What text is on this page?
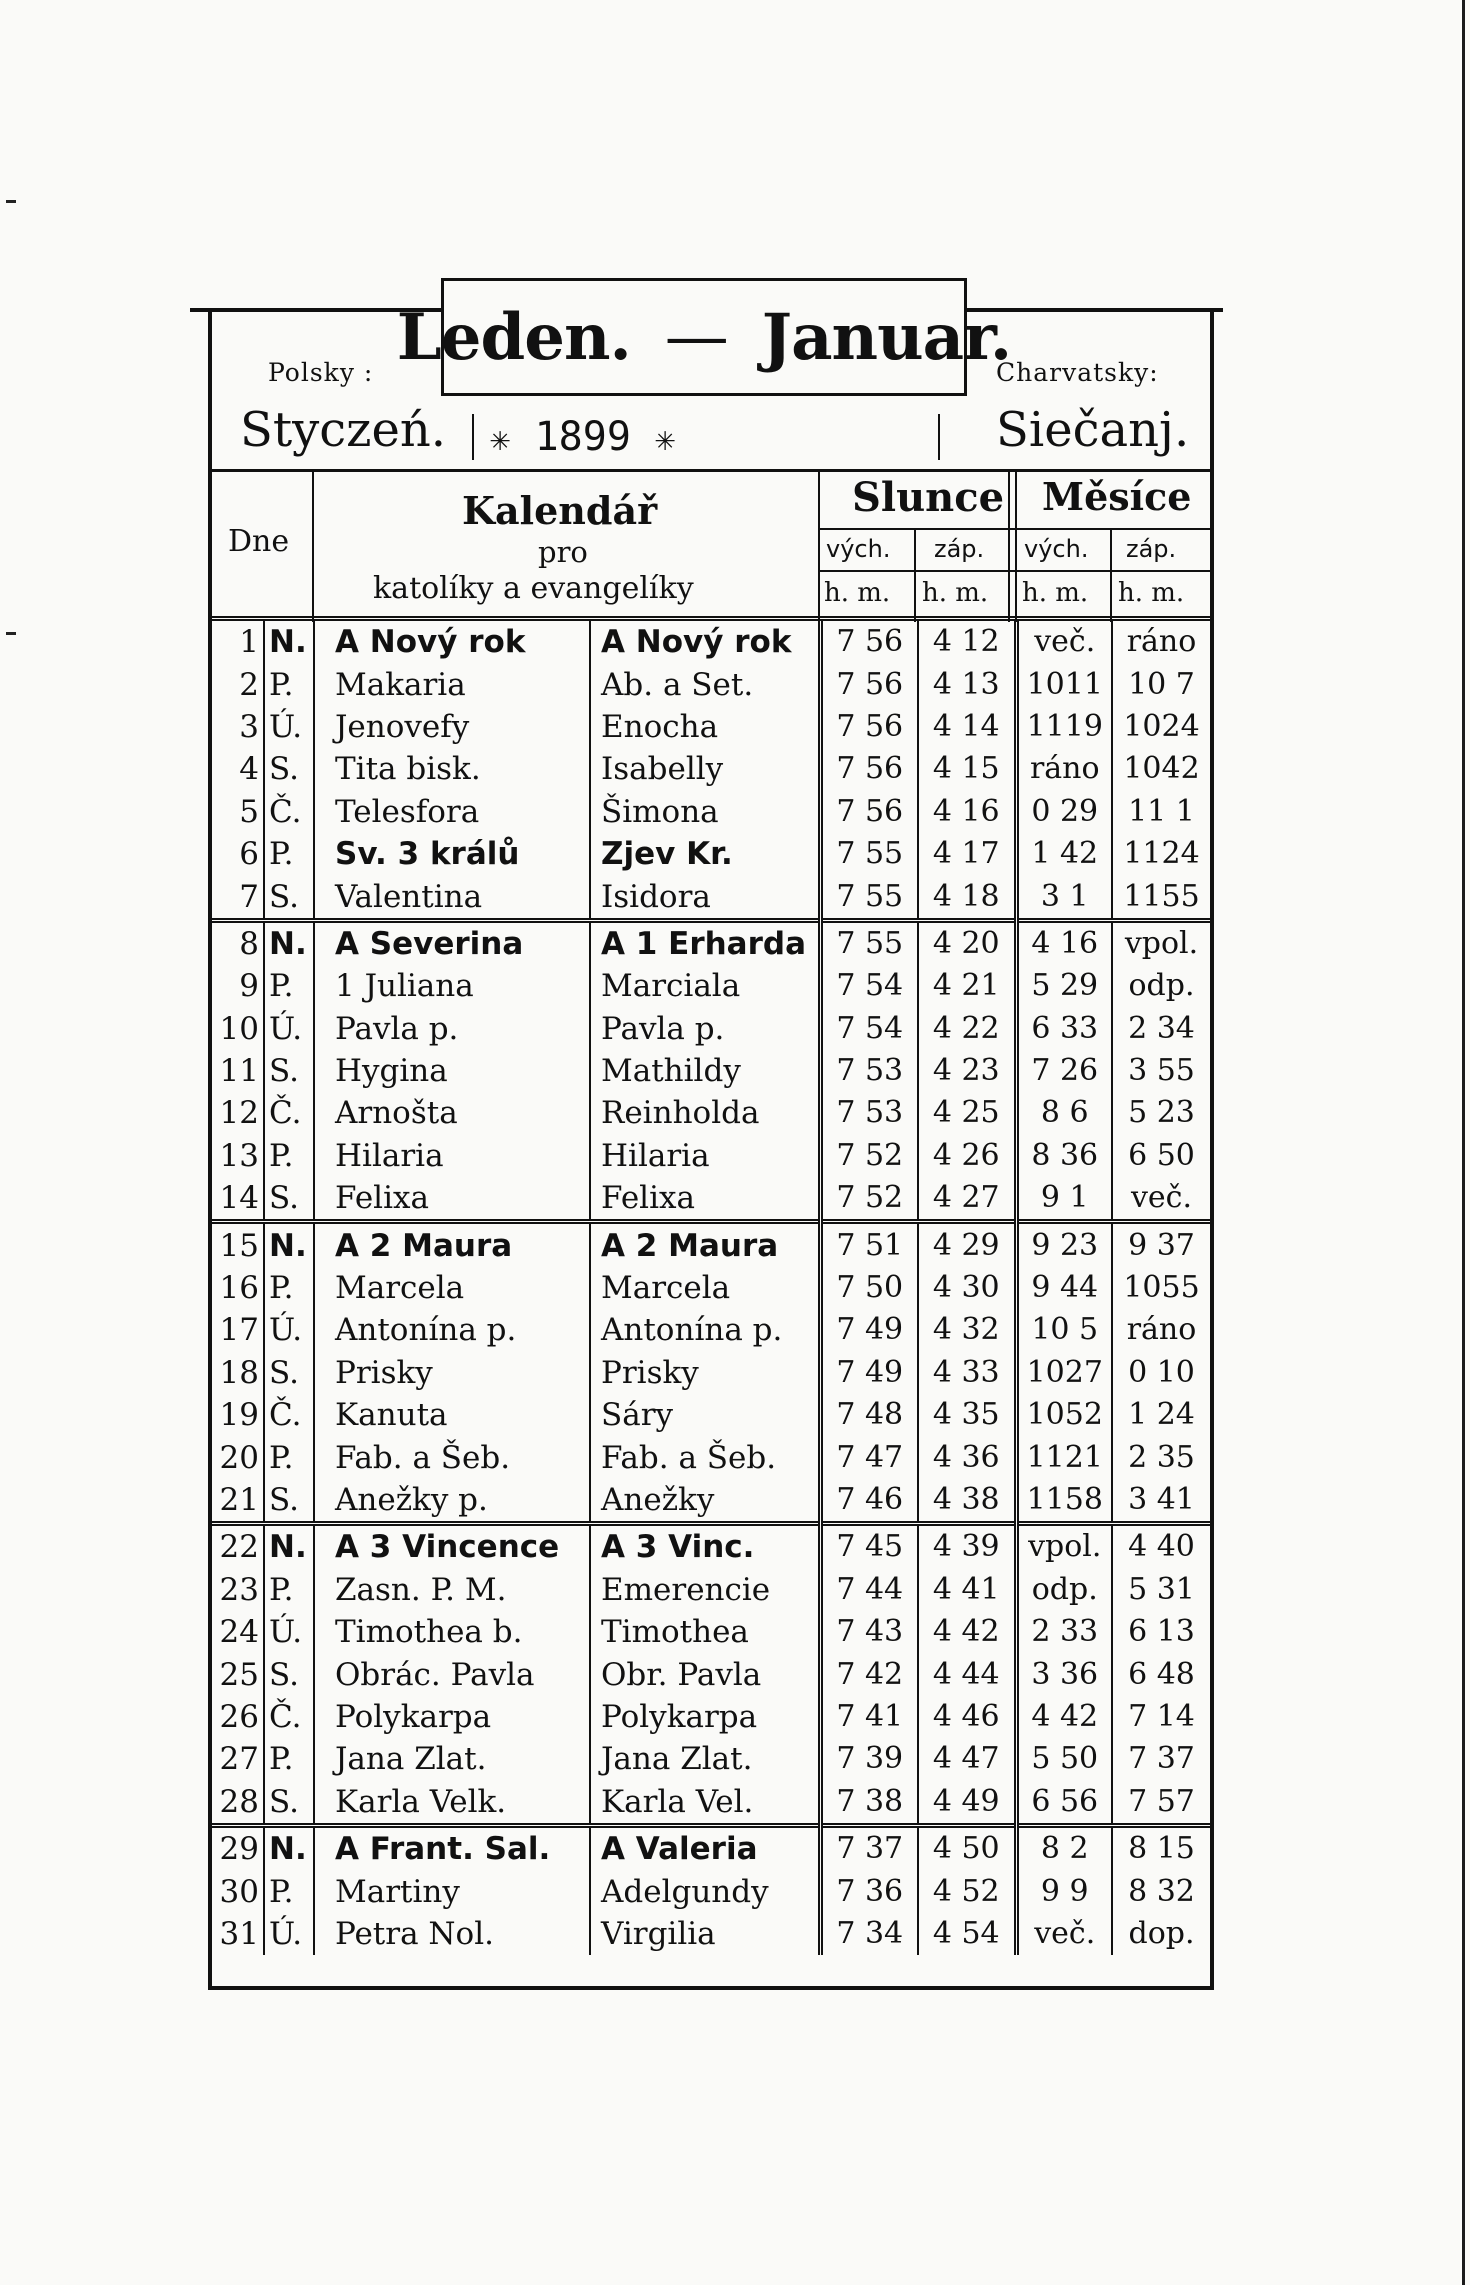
Leden. — Januar.
Polsky :
Styczeń.
Charvatsky:
Siečanj.
✳ 1899 ✳
Dne
Kalendář
pro
katolíky a evangelíky
Slunce Měsíce
vých. záp. vých. záp.
h. m. h. m. h. m. h. m.
1	N.	A Nový rok	A Nový rok	7 56	4 12	več.	ráno
2	P.	Makaria	Ab. a Set.	7 56	4 13	1011	10 7
3	Ú.	Jenovefy	Enocha	7 56	4 14	1119	1024
4	S.	Tita bisk.	Isabelly	7 56	4 15	ráno	1042
5	Č.	Telesfora	Šimona	7 56	4 16	0 29	11 1
6	P.	Sv. 3 králů	Zjev Kr.	7 55	4 17	1 42	1124
7	S.	Valentina	Isidora	7 55	4 18	3 1	1155
8	N.	A Severina	A 1 Erharda	7 55	4 20	4 16	vpol.
9	P.	1 Juliana	Marciala	7 54	4 21	5 29	odp.
10	Ú.	Pavla p.	Pavla p.	7 54	4 22	6 33	2 34
11	S.	Hygina	Mathildy	7 53	4 23	7 26	3 55
12	Č.	Arnošta	Reinholda	7 53	4 25	8 6	5 23
13	P.	Hilaria	Hilaria	7 52	4 26	8 36	6 50
14	S.	Felixa	Felixa	7 52	4 27	9 1	več.
15	N.	A 2 Maura	A 2 Maura	7 51	4 29	9 23	9 37
16	P.	Marcela	Marcela	7 50	4 30	9 44	1055
17	Ú.	Antonína p.	Antonína p.	7 49	4 32	10 5	ráno
18	S.	Prisky	Prisky	7 49	4 33	1027	0 10
19	Č.	Kanuta	Sáry	7 48	4 35	1052	1 24
20	P.	Fab. a Šeb.	Fab. a Šeb.	7 47	4 36	1121	2 35
21	S.	Anežky p.	Anežky	7 46	4 38	1158	3 41
22	N.	A 3 Vincence	A 3 Vinc.	7 45	4 39	vpol.	4 40
23	P.	Zasn. P. M.	Emerencie	7 44	4 41	odp.	5 31
24	Ú.	Timothea b.	Timothea	7 43	4 42	2 33	6 13
25	S.	Obrác. Pavla	Obr. Pavla	7 42	4 44	3 36	6 48
26	Č.	Polykarpa	Polykarpa	7 41	4 46	4 42	7 14
27	P.	Jana Zlat.	Jana Zlat.	7 39	4 47	5 50	7 37
28	S.	Karla Velk.	Karla Vel.	7 38	4 49	6 56	7 57
29	N.	A Frant. Sal.	A Valeria	7 37	4 50	8 2	8 15
30	P.	Martiny	Adelgundy	7 36	4 52	9 9	8 32
31	Ú.	Petra Nol.	Virgilia	7 34	4 54	več.	dop.
